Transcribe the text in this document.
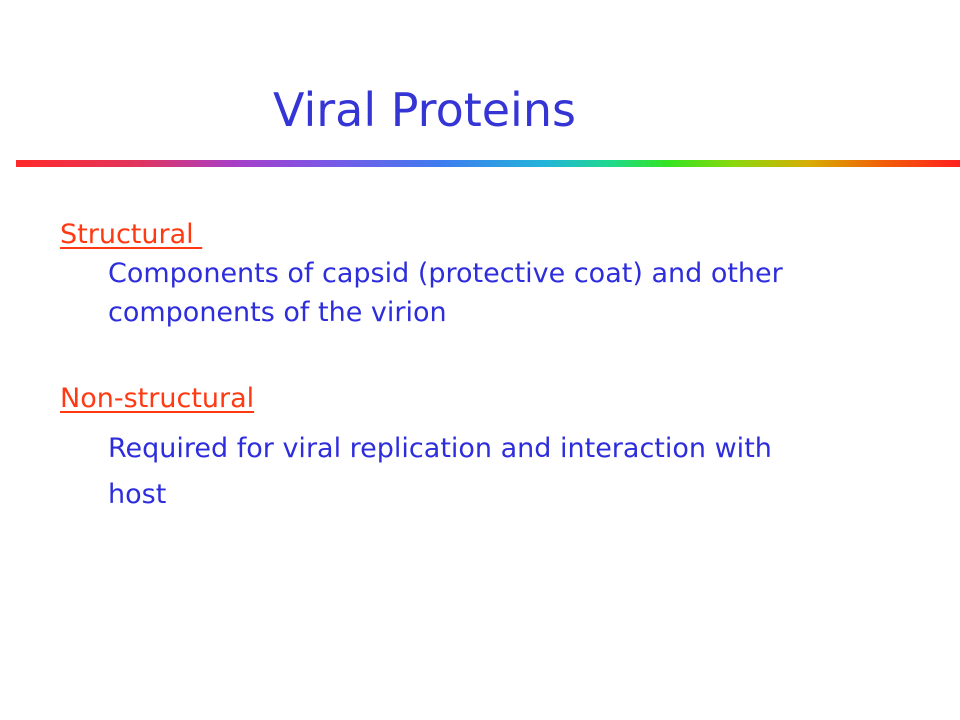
Viral Proteins
Structural
Components of capsid (protective coat) and other
components of the virion
Non-structural
Required for viral replication and interaction with
host
